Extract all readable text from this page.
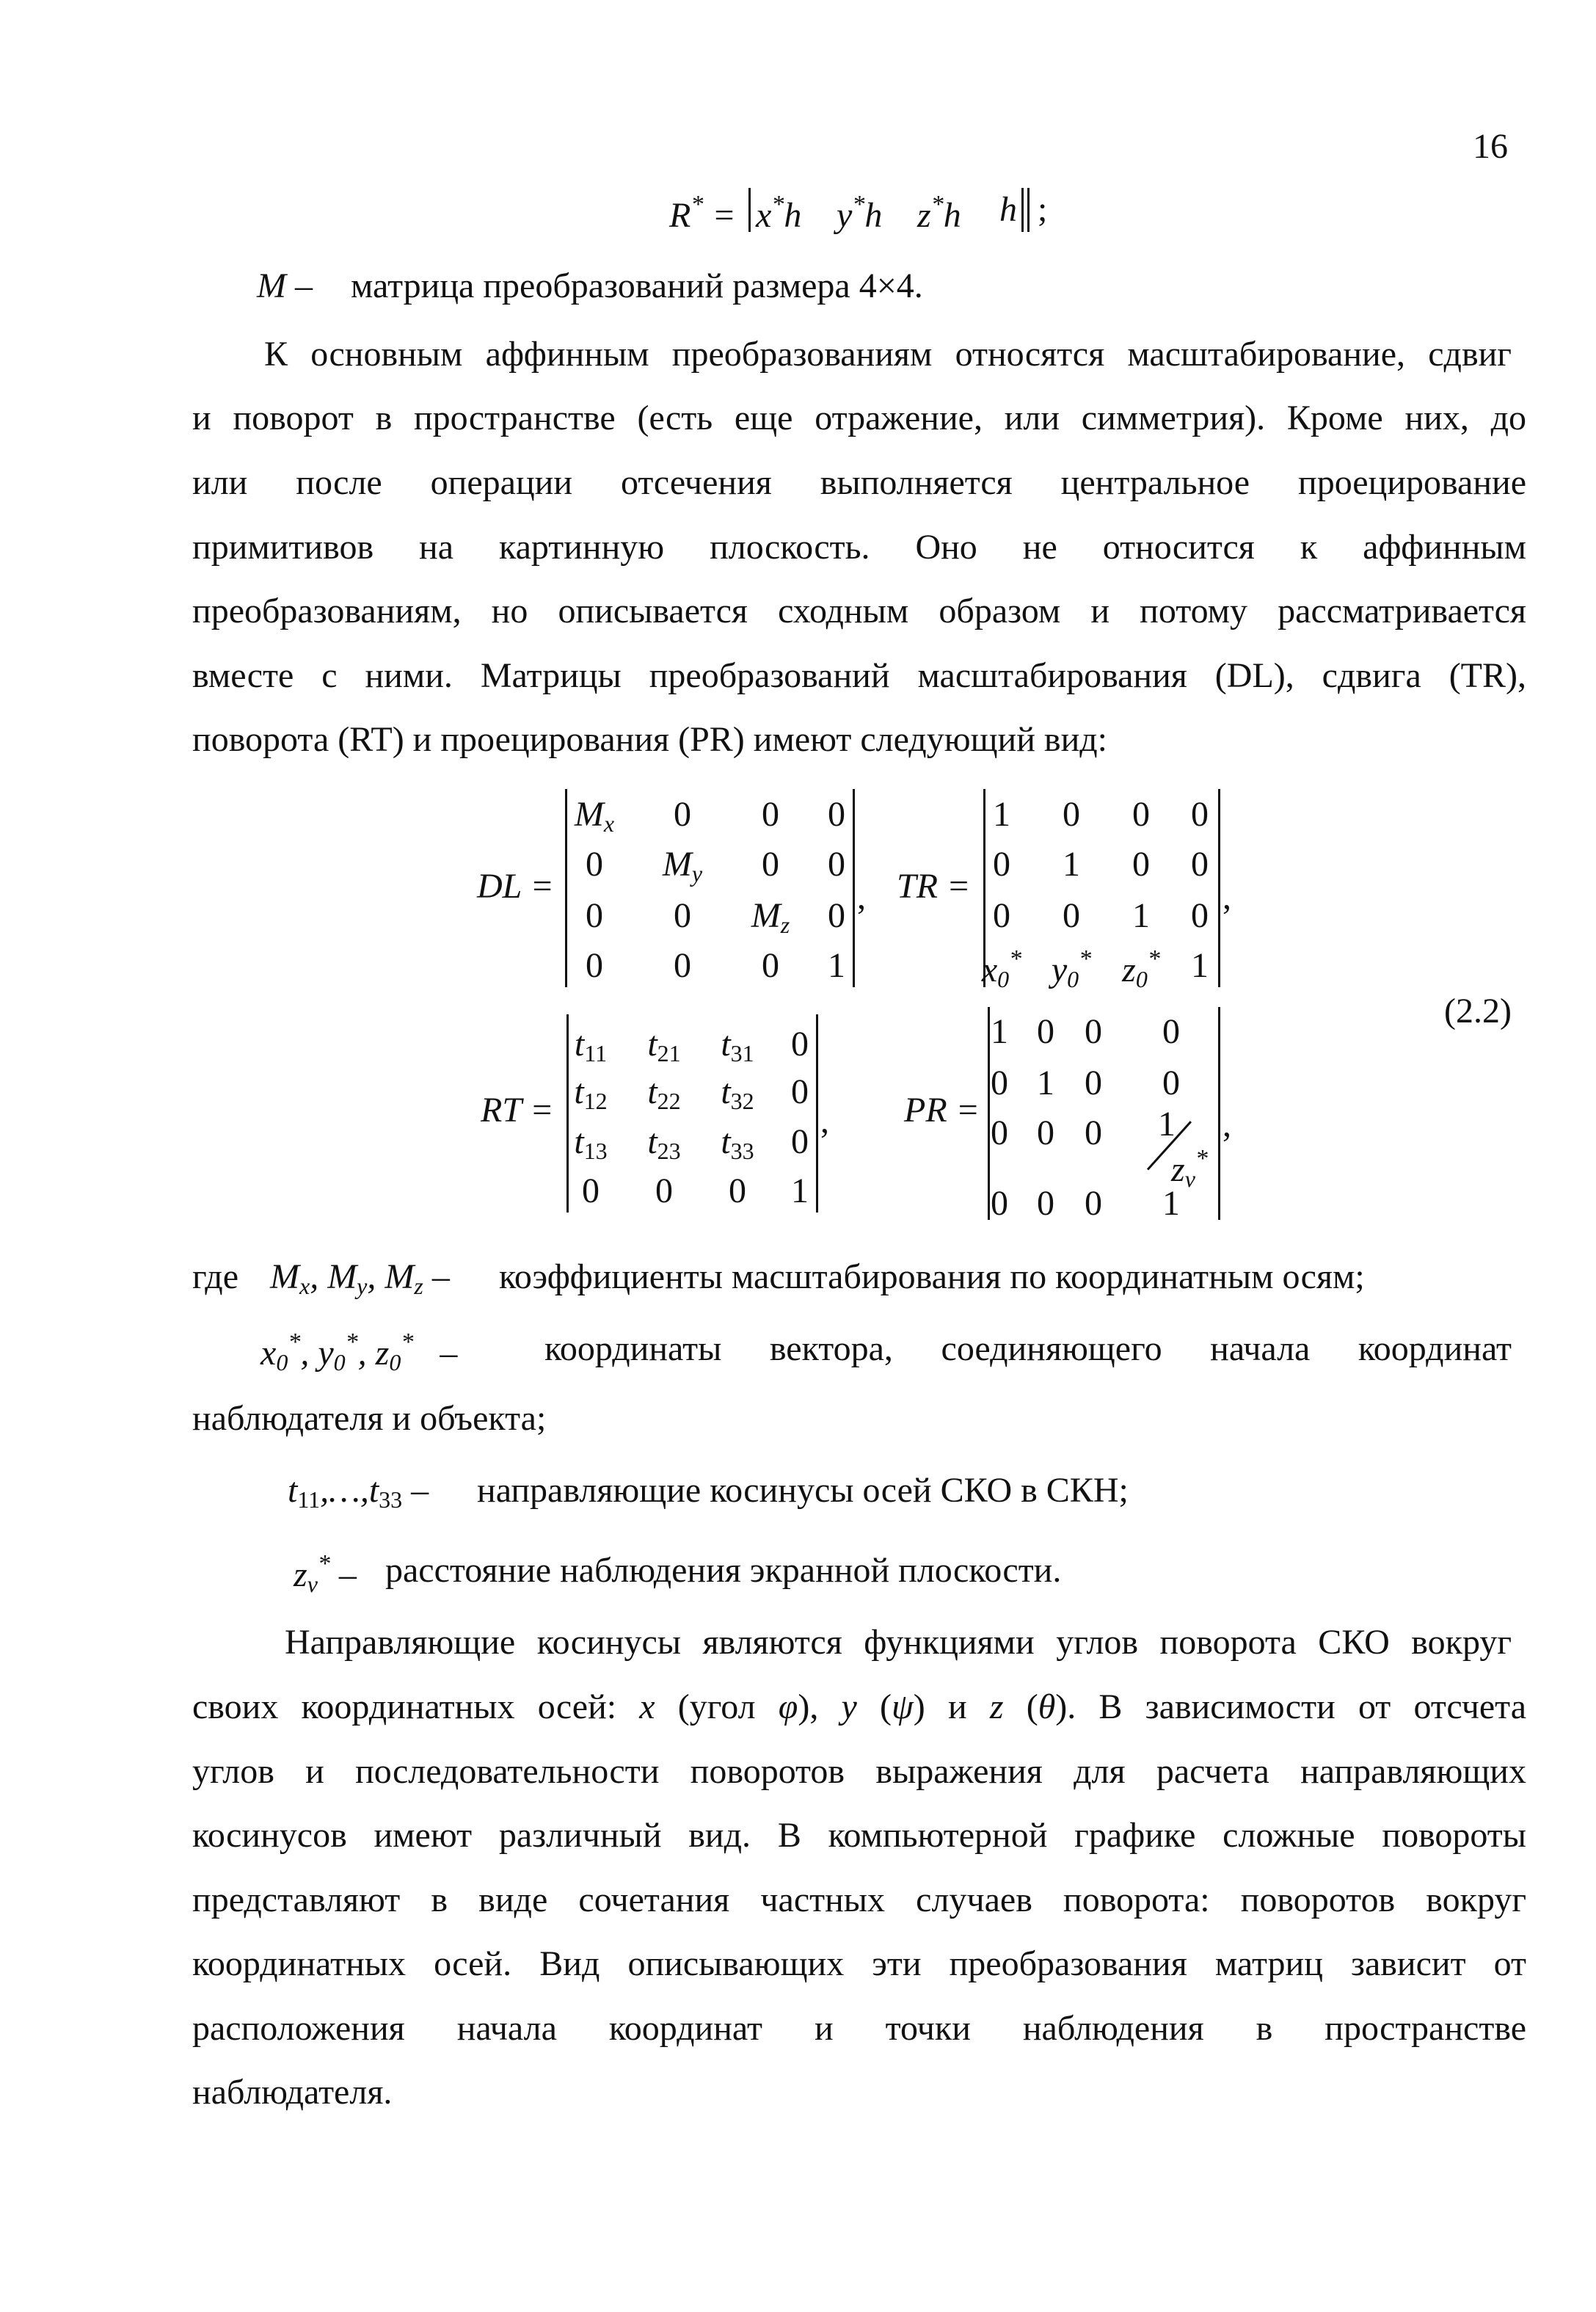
16
R* = x*h y*h z*h h ;
M – матрица преобразований размера 4×4.
К основным аффинным преобразованиям относятся масштабирование, сдвиг
и поворот в пространстве (есть еще отражение, или симметрия). Кроме них, до
или после операции отсечения выполняется центральное проецирование
примитивов на картинную плоскость. Оно не относится к аффинным
преобразованиям, но описывается сходным образом и потому рассматривается
вместе с ними. Матрицы преобразований масштабирования (DL), сдвига (TR),
поворота (RT) и проецирования (PR) имеют следующий вид:
DL =	,
$M_x$	0	0	0
0	$M_y$	0	0
0	0	$M_z$	0
0	0	0	1
TR =	,
1	0	0	0
0	1	0	0
0	0	1	0
$x_0^*$ $y_0^*$ $z_0^*$ 1
RT =	,
$t_{11}$	$t_{21}$	$t_{31}$	0
$t_{12}$	$t_{22}$	$t_{32}$	0
$t_{13}$	$t_{23}$	$t_{33}$	0
0	0	0	1
PR =	,
1 0 0	0
0 1 0	0
0 0 0	1
$z_v^*$
0 0 0	1
(2.2)
где $M_x$, $M_y$, $M_z$ – коэффициенты масштабирования по координатным осям;
$x_0^*$, $y_0^*$, $z_0^*$   – координаты вектора, соединяющего начала координат
наблюдателя и объекта;
$t_{11},\dots,t_{33}$ – направляющие косинусы осей СКО в СКН;
$z_v^*$ – расстояние наблюдения экранной плоскости.
Направляющие косинусы являются функциями углов поворота СКО вокруг
своих координатных осей: x (угол φ), y (ψ) и z (θ). В зависимости от отсчета
углов и последовательности поворотов выражения для расчета направляющих
косинусов имеют различный вид. В компьютерной графике сложные повороты
представляют в виде сочетания частных случаев поворота: поворотов вокруг
координатных осей. Вид описывающих эти преобразования матриц зависит от
расположения начала координат и точки наблюдения в пространстве
наблюдателя.
